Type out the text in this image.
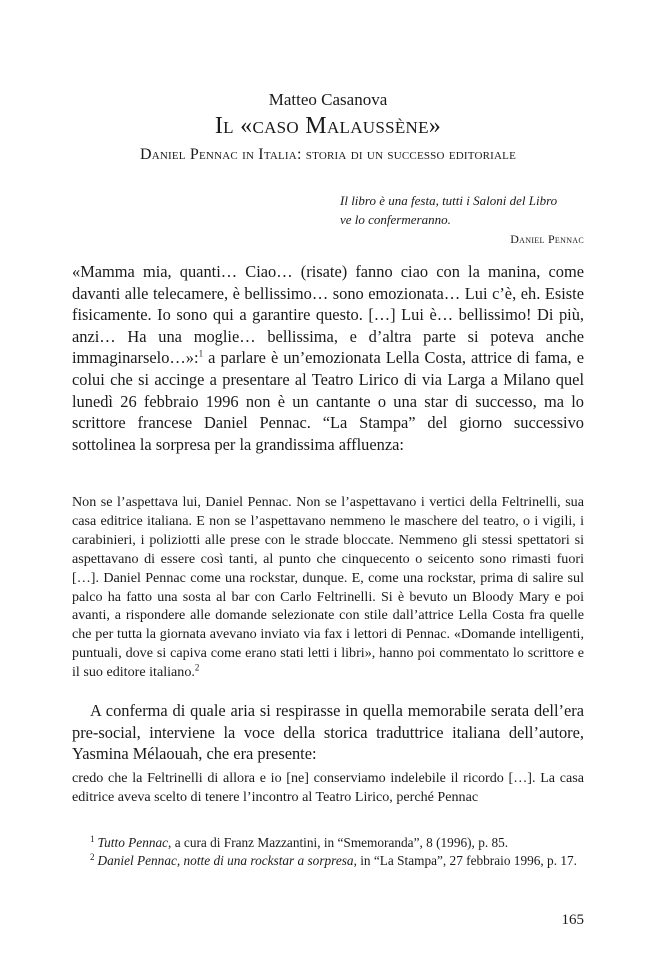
Matteo Casanova
Il «caso Malaussène»
Daniel Pennac in Italia: storia di un successo editoriale
Il libro è una festa, tutti i Saloni del Libro
ve lo confermeranno.
Daniel Pennac

«Mamma mia, quanti… Ciao… (risate) fanno ciao con la manina, come davanti alle telecamere, è bellissimo… sono emozionata… Lui c’è, eh. Esiste fisicamente. Io sono qui a garantire questo. […] Lui è… bellissimo! Di più, anzi… Ha una moglie… bellissima, e d’altra parte si poteva anche immaginarselo…»:$^1$ a parlare è un’emozionata Lella Costa, attrice di fama, e colui che si accinge a presentare al Teatro Lirico di via Larga a Milano quel lunedì 26 febbraio 1996 non è un cantante o una star di successo, ma lo scrittore francese Daniel Pennac. “La Stampa” del giorno successivo sottolinea la sorpresa per la grandissima affluenza:

Non se l’aspettava lui, Daniel Pennac. Non se l’aspettavano i vertici della Feltrinelli, sua casa editrice italiana. E non se l’aspettavano nemmeno le maschere del teatro, o i vigili, i carabinieri, i poliziotti alle prese con le strade bloccate. Nemmeno gli stessi spettatori si aspettavano di essere così tanti, al punto che cinquecento o seicento sono rimasti fuori […]. Daniel Pennac come una rockstar, dunque. E, come una rockstar, prima di salire sul palco ha fatto una sosta al bar con Carlo Feltrinelli. Si è bevuto un Bloody Mary e poi avanti, a rispondere alle domande selezionate con stile dall’attrice Lella Costa fra quelle che per tutta la giornata avevano inviato via fax i lettori di Pennac. «Domande intelligenti, puntuali, dove si capiva come erano stati letti i libri», hanno poi commentato lo scrittore e il suo editore italiano.$^2$

A conferma di quale aria si respirasse in quella memorabile serata dell’era pre-social, interviene la voce della storica traduttrice italiana dell’autore, Yasmina Mélaouah, che era presente:

credo che la Feltrinelli di allora e io [ne] conserviamo indelebile il ricordo […]. La casa editrice aveva scelto di tenere l’incontro al Teatro Lirico, perché Pennac

$^1$ Tutto Pennac, a cura di Franz Mazzantini, in “Smemoranda”, 8 (1996), p. 85.

$^2$ Daniel Pennac, notte di una rockstar a sorpresa, in “La Stampa”, 27 febbraio 1996, p. 17.

165
